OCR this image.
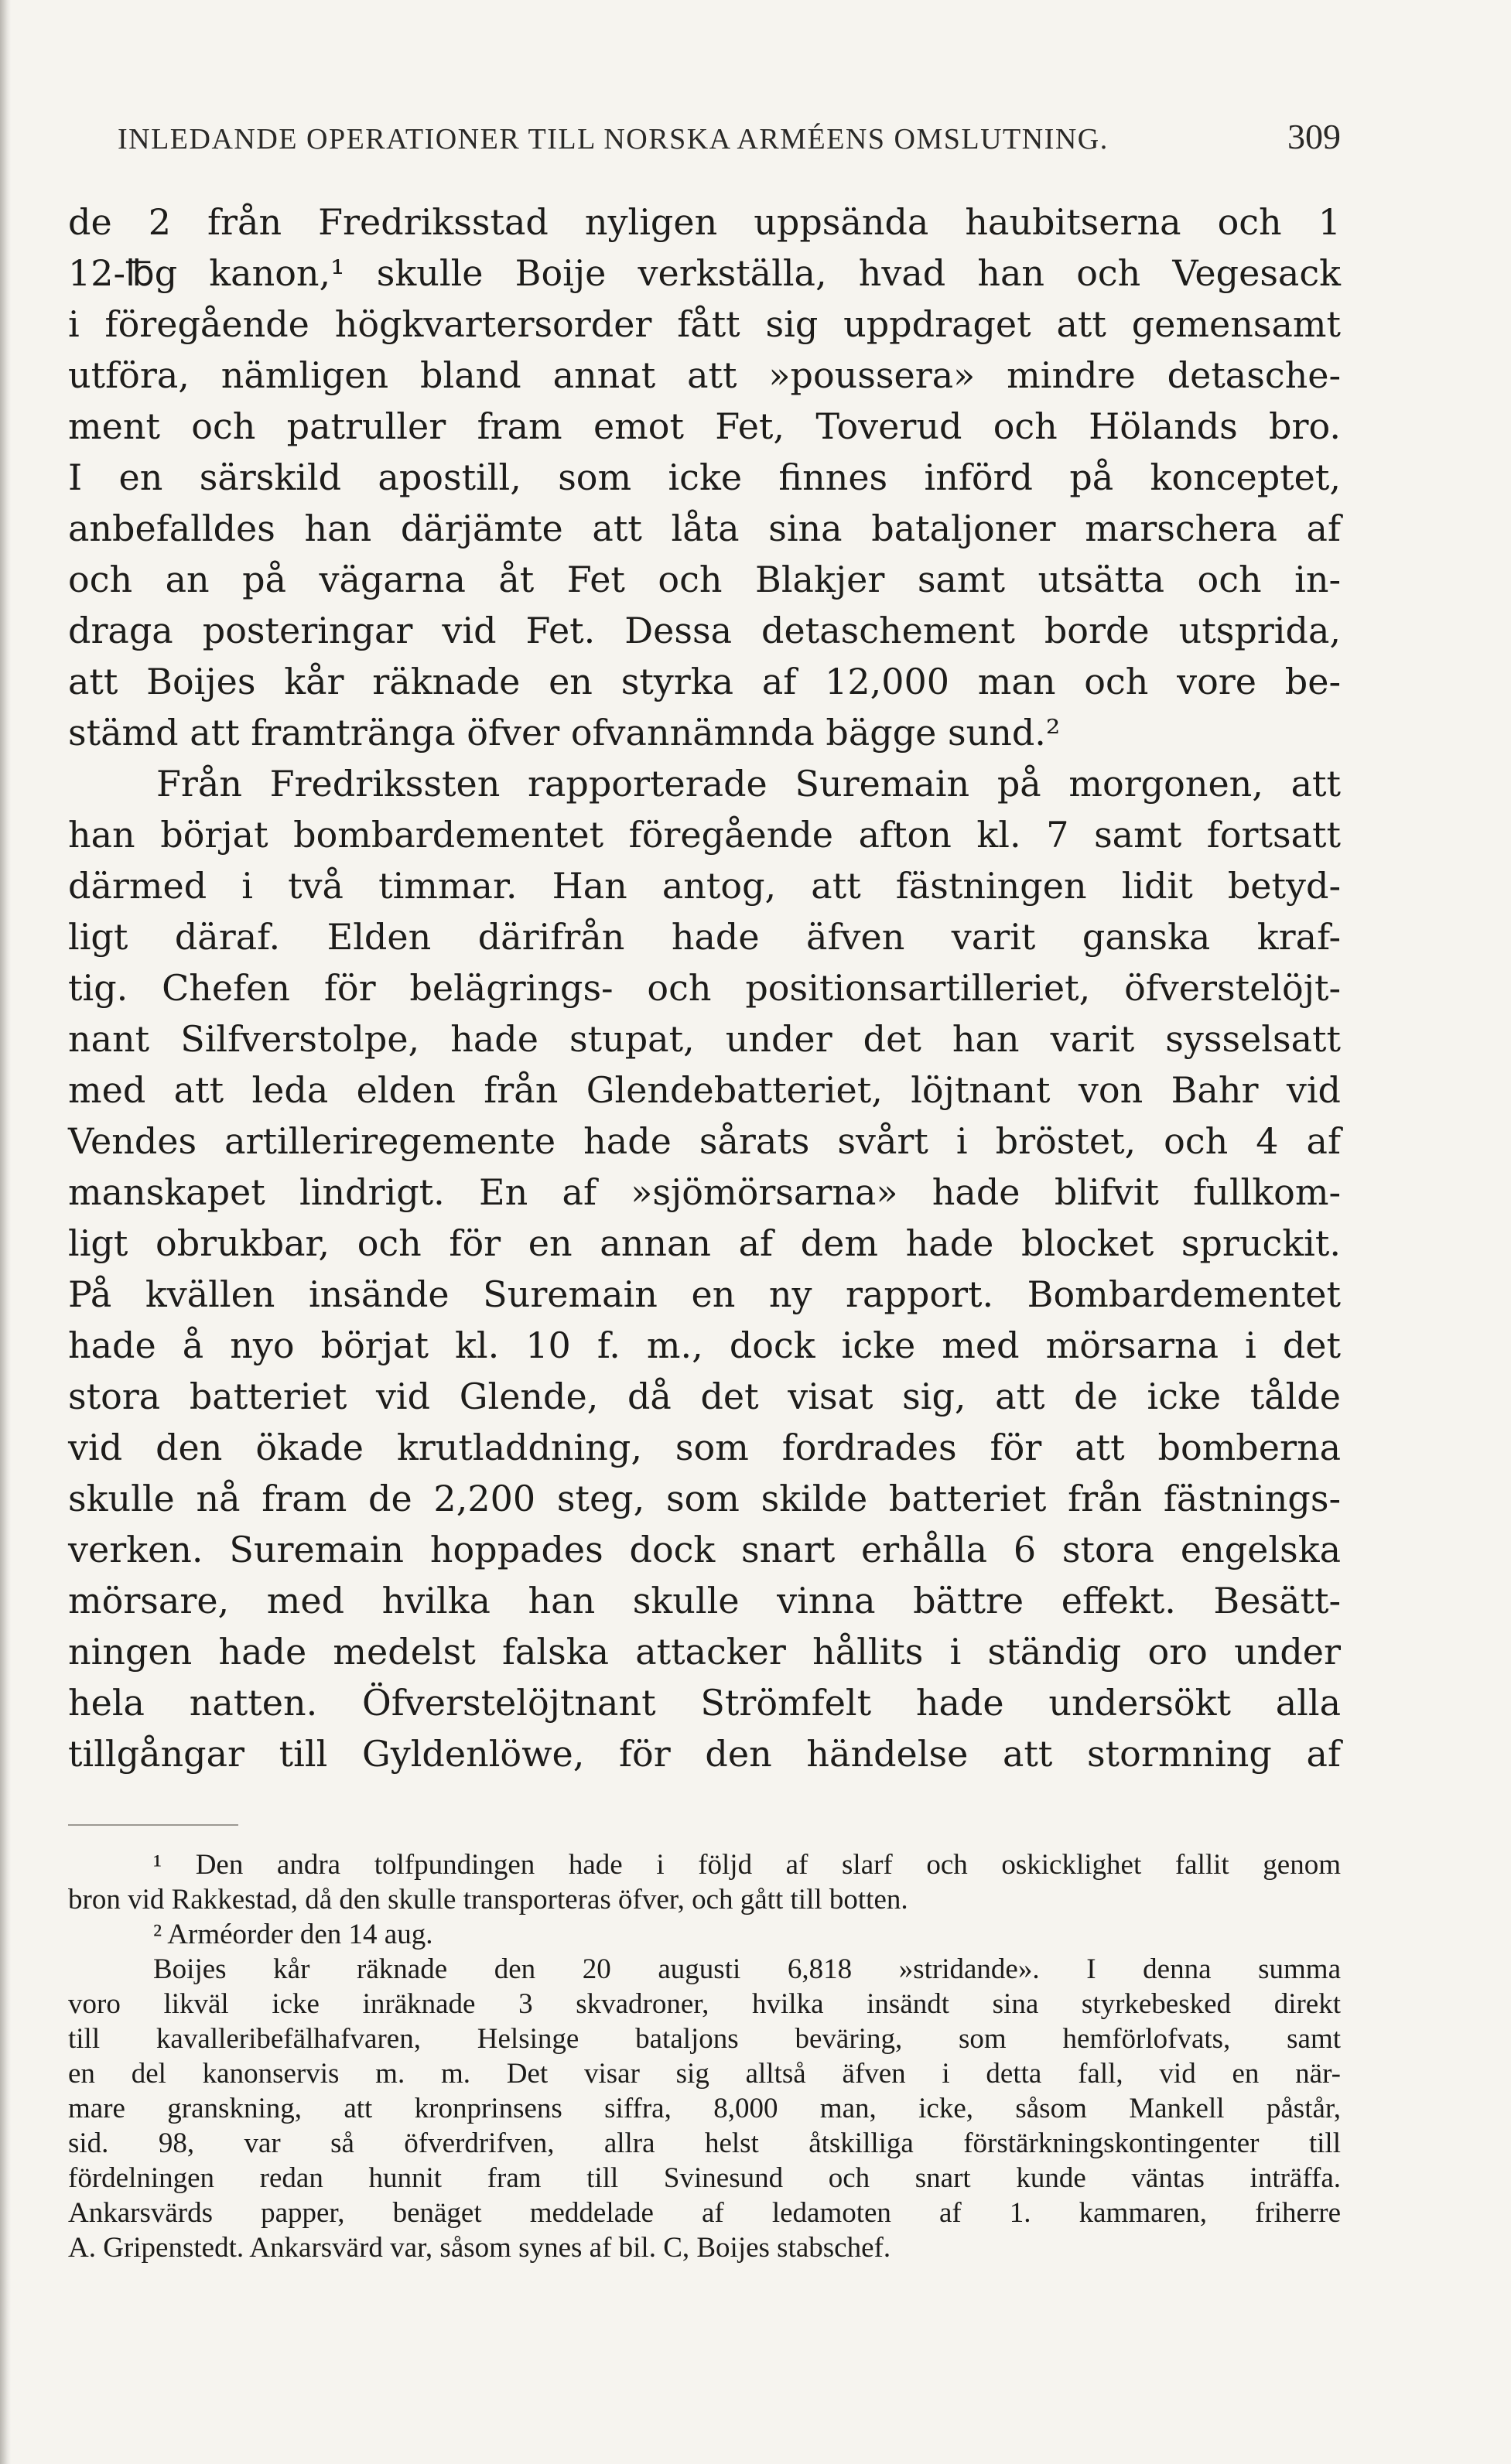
INLEDANDE OPERATIONER TILL NORSKA ARMÉENS OMSLUTNING.	309
de 2 från Fredriksstad nyligen uppsända haubitserna och 1
12-℔g kanon,¹ skulle Boije verkställa, hvad han och Vegesack
i föregående högkvartersorder fått sig uppdraget att gemensamt
utföra, nämligen bland annat att »poussera» mindre detasche-
ment och patruller fram emot Fet, Toverud och Hölands bro.
I en särskild apostill, som icke finnes införd på konceptet,
anbefalldes han därjämte att låta sina bataljoner marschera af
och an på vägarna åt Fet och Blakjer samt utsätta och in-
draga posteringar vid Fet. Dessa detaschement borde utsprida,
att Boijes kår räknade en styrka af 12,000 man och vore be-
stämd att framtränga öfver ofvannämnda bägge sund.²
Från Fredrikssten rapporterade Suremain på morgonen, att
han börjat bombardementet föregående afton kl. 7 samt fortsatt
därmed i två timmar. Han antog, att fästningen lidit betyd-
ligt däraf. Elden därifrån hade äfven varit ganska kraf-
tig. Chefen för belägrings- och positionsartilleriet, öfverstelöjt-
nant Silfverstolpe, hade stupat, under det han varit sysselsatt
med att leda elden från Glendebatteriet, löjtnant von Bahr vid
Vendes artilleriregemente hade sårats svårt i bröstet, och 4 af
manskapet lindrigt. En af »sjömörsarna» hade blifvit fullkom-
ligt obrukbar, och för en annan af dem hade blocket spruckit.
På kvällen insände Suremain en ny rapport. Bombardementet
hade å nyo börjat kl. 10 f. m., dock icke med mörsarna i det
stora batteriet vid Glende, då det visat sig, att de icke tålde
vid den ökade krutladdning, som fordrades för att bomberna
skulle nå fram de 2,200 steg, som skilde batteriet från fästnings-
verken. Suremain hoppades dock snart erhålla 6 stora engelska
mörsare, med hvilka han skulle vinna bättre effekt. Besätt-
ningen hade medelst falska attacker hållits i ständig oro under
hela natten. Öfverstelöjtnant Strömfelt hade undersökt alla
tillgångar till Gyldenlöwe, för den händelse att stormning af
¹ Den andra tolfpundingen hade i följd af slarf och oskicklighet fallit genom
bron vid Rakkestad, då den skulle transporteras öfver, och gått till botten.
² Arméorder den 14 aug.
Boijes kår räknade den 20 augusti 6,818 »stridande». I denna summa
voro likväl icke inräknade 3 skvadroner, hvilka insändt sina styrkebesked direkt
till kavalleribefälhafvaren, Helsinge bataljons beväring, som hemförlofvats, samt
en del kanonservis m. m. Det visar sig alltså äfven i detta fall, vid en när-
mare granskning, att kronprinsens siffra, 8,000 man, icke, såsom Mankell påstår,
sid. 98, var så öfverdrifven, allra helst åtskilliga förstärkningskontingenter till
fördelningen redan hunnit fram till Svinesund och snart kunde väntas inträffa.
Ankarsvärds papper, benäget meddelade af ledamoten af 1. kammaren, friherre
A. Gripenstedt. Ankarsvärd var, såsom synes af bil. C, Boijes stabschef.
